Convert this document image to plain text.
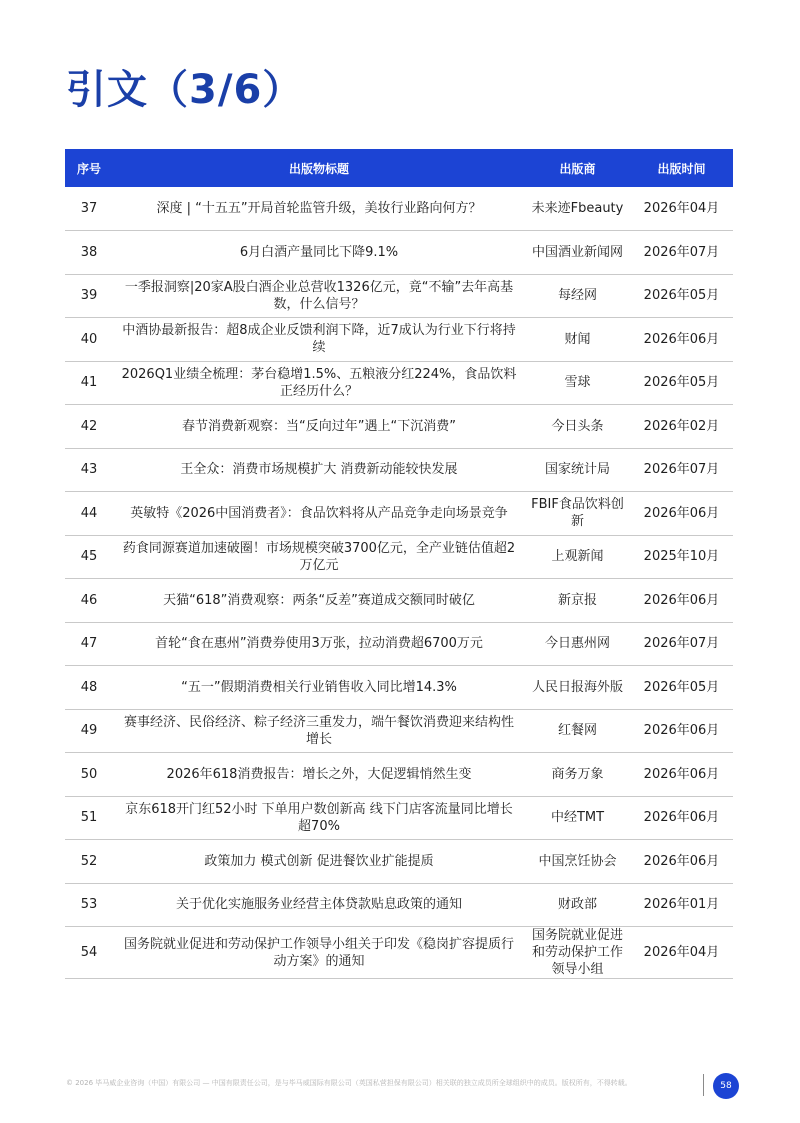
引文（3/6）
序号	出版物标题	出版商	出版时间
37	深度 | “十五五”开局首轮监管升级，美妆行业路向何方？	未来迹Fbeauty	2026年04月
38	6月白酒产量同比下降9.1%	中国酒业新闻网	2026年07月
39	一季报洞察|20家A股白酒企业总营收1326亿元，竟“不输”去年高基数，什么信号？	每经网	2026年05月
40	中酒协最新报告：超8成企业反馈利润下降，近7成认为行业下行将持续	财闻	2026年06月
41	2026Q1业绩全梳理：茅台稳增1.5%、五粮液分红224%，食品饮料正经历什么？	雪球	2026年05月
42	春节消费新观察：当“反向过年”遇上“下沉消费”	今日头条	2026年02月
43	王全众：消费市场规模扩大 消费新动能较快发展	国家统计局	2026年07月
44	英敏特《2026中国消费者》：食品饮料将从产品竞争走向场景竞争	FBIF食品饮料创新	2026年06月
45	药食同源赛道加速破圈！市场规模突破3700亿元，全产业链估值超2万亿元	上观新闻	2025年10月
46	天猫“618”消费观察：两条“反差”赛道成交额同时破亿	新京报	2026年06月
47	首轮“食在惠州”消费券使用3万张，拉动消费超6700万元	今日惠州网	2026年07月
48	“五一”假期消费相关行业销售收入同比增14.3%	人民日报海外版	2026年05月
49	赛事经济、民俗经济、粽子经济三重发力，端午餐饮消费迎来结构性增长	红餐网	2026年06月
50	2026年618消费报告：增长之外，大促逻辑悄然生变	商务万象	2026年06月
51	京东618开门红52小时 下单用户数创新高 线下门店客流量同比增长超70%	中经TMT	2026年06月
52	政策加力 模式创新 促进餐饮业扩能提质	中国烹饪协会	2026年06月
53	关于优化实施服务业经营主体贷款贴息政策的通知	财政部	2026年01月
54	国务院就业促进和劳动保护工作领导小组关于印发《稳岗扩容提质行动方案》的通知	国务院就业促进和劳动保护工作领导小组	2026年04月
© 2026 毕马威企业咨询（中国）有限公司 — 中国有限责任公司，是与毕马威国际有限公司（英国私营担保有限公司）相关联的独立成员所全球组织中的成员。版权所有，不得转载。	58
